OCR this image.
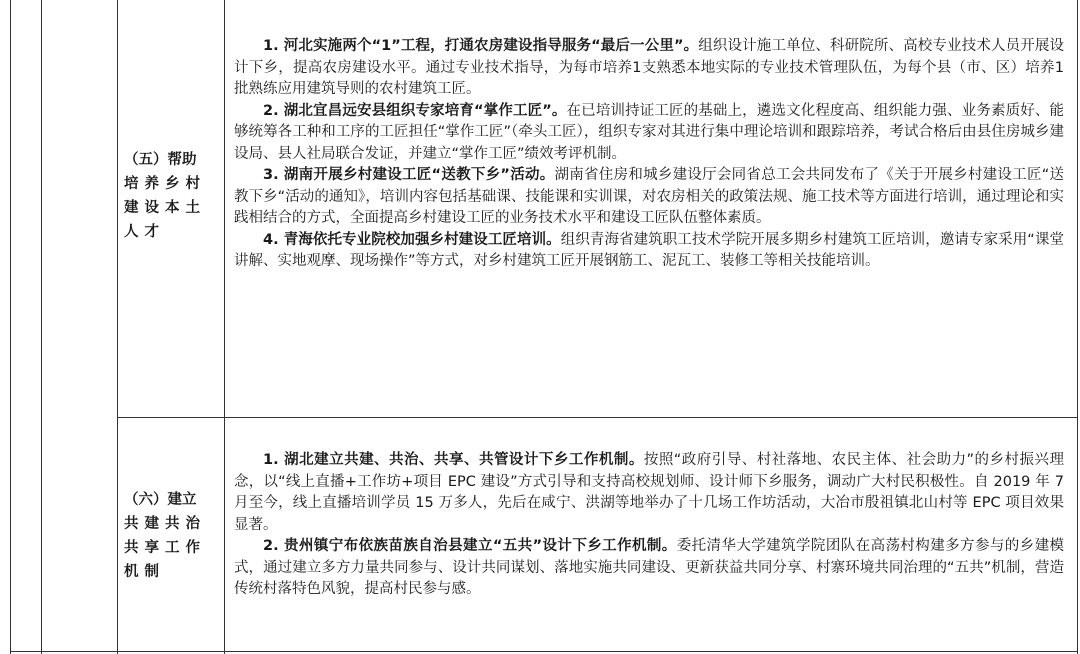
（五）帮助
培养乡村
建设本土
人才

1. 河北实施两个“1”工程，打通农房建设指导服务“最后一公里”。组织设计施工单位、科研院所、高校专业技术人员开展设计下乡，提高农房建设水平。通过专业技术指导，为每市培养1支熟悉本地实际的专业技术管理队伍，为每个县（市、区）培养1批熟练应用建筑导则的农村建筑工匠。

2. 湖北宜昌远安县组织专家培育“掌作工匠”。在已培训持证工匠的基础上，遴选文化程度高、组织能力强、业务素质好、能够统筹各工种和工序的工匠担任“掌作工匠”（牵头工匠），组织专家对其进行集中理论培训和跟踪培养，考试合格后由县住房城乡建设局、县人社局联合发证，并建立“掌作工匠”绩效考评机制。

3. 湖南开展乡村建设工匠“送教下乡”活动。湖南省住房和城乡建设厅会同省总工会共同发布了《关于开展乡村建设工匠“送教下乡“活动的通知》，培训内容包括基础课、技能课和实训课，对农房相关的政策法规、施工技术等方面进行培训，通过理论和实践相结合的方式，全面提高乡村建设工匠的业务技术水平和建设工匠队伍整体素质。

4. 青海依托专业院校加强乡村建设工匠培训。组织青海省建筑职工技术学院开展多期乡村建筑工匠培训，邀请专家采用“课堂讲解、实地观摩、现场操作”等方式，对乡村建筑工匠开展钢筋工、泥瓦工、装修工等相关技能培训。

（六）建立
共建共治
共享工作
机制

1. 湖北建立共建、共治、共享、共管设计下乡工作机制。按照“政府引导、村社落地、农民主体、社会助力”的乡村振兴理念，以“线上直播+工作坊+项目 EPC 建设”方式引导和支持高校规划师、设计师下乡服务，调动广大村民积极性。自 2019 年 7 月至今，线上直播培训学员 15 万多人，先后在咸宁、洪湖等地举办了十几场工作坊活动，大冶市殷祖镇北山村等 EPC 项目效果显著。

2. 贵州镇宁布依族苗族自治县建立“五共”设计下乡工作机制。委托清华大学建筑学院团队在高荡村构建多方参与的乡建模式，通过建立多方力量共同参与、设计共同谋划、落地实施共同建设、更新获益共同分享、村寨环境共同治理的“五共”机制，营造传统村落特色风貌，提高村民参与感。
